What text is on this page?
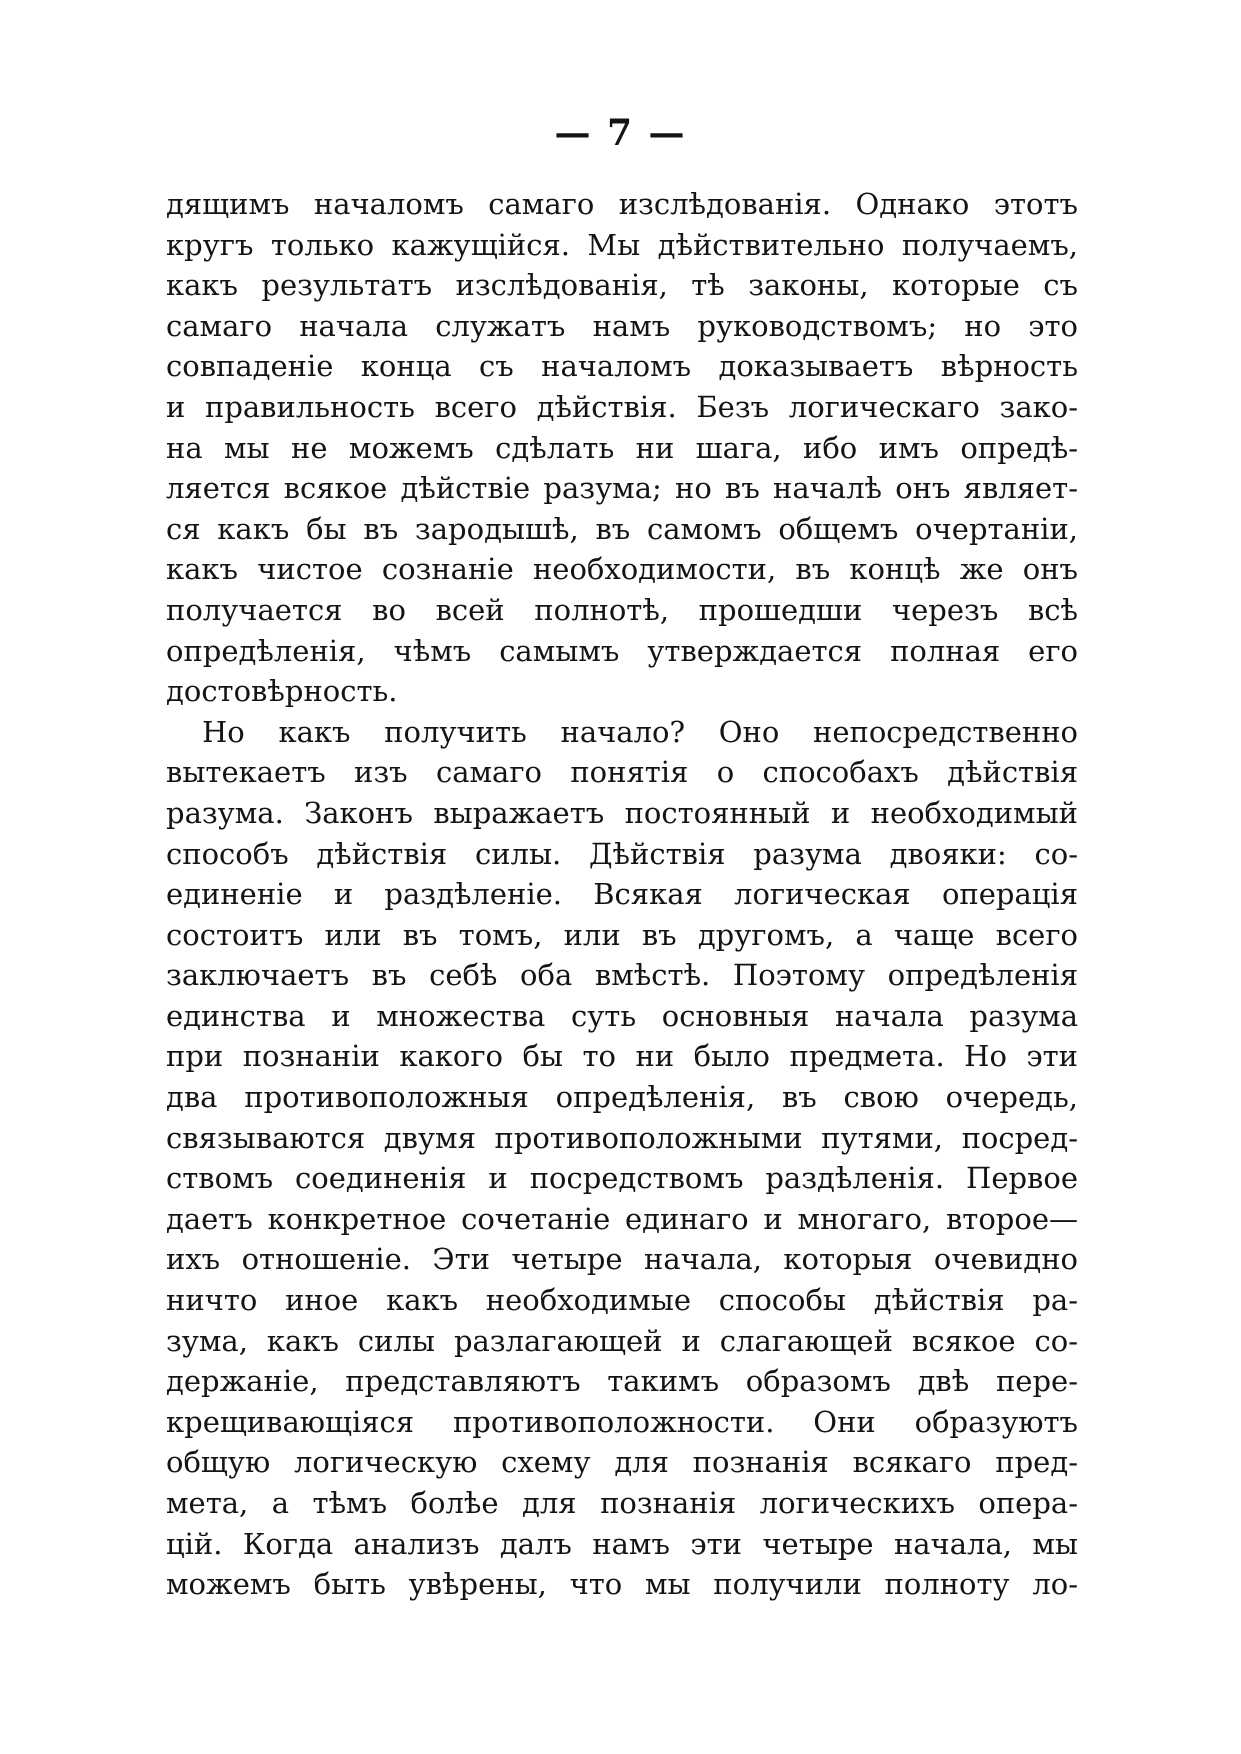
— 7 —
дящимъ началомъ самаго изслѣдованія. Однако этотъ
кругъ только кажущійся. Мы дѣйствительно получаемъ,
какъ результатъ изслѣдованія, тѣ законы, которые съ
самаго начала служатъ намъ руководствомъ; но это
совпаденіе конца съ началомъ доказываетъ вѣрность
и правильность всего дѣйствія. Безъ логическаго зако-
на мы не можемъ сдѣлать ни шага, ибо имъ опредѣ-
ляется всякое дѣйствіе разума; но въ началѣ онъ являет-
ся какъ бы въ зародышѣ, въ самомъ общемъ очертаніи,
какъ чистое сознаніе необходимости, въ концѣ же онъ
получается во всей полнотѣ, прошедши черезъ всѣ
опредѣленія, чѣмъ самымъ утверждается полная его
достовѣрность.
Но какъ получить начало? Оно непосредственно
вытекаетъ изъ самаго понятія о способахъ дѣйствія
разума. Законъ выражаетъ постоянный и необходимый
способъ дѣйствія силы. Дѣйствія разума двояки: со-
единеніе и раздѣленіе. Всякая логическая операція
состоитъ или въ томъ, или въ другомъ, а чаще всего
заключаетъ въ себѣ оба вмѣстѣ. Поэтому опредѣленія
единства и множества суть основныя начала разума
при познаніи какого бы то ни было предмета. Но эти
два противоположныя опредѣленія, въ свою очередь,
связываются двумя противоположными путями, посред-
ствомъ соединенія и посредствомъ раздѣленія. Первое
даетъ конкретное сочетаніе единаго и многаго, второе—
ихъ отношеніе. Эти четыре начала, которыя очевидно
ничто иное какъ необходимые способы дѣйствія ра-
зума, какъ силы разлагающей и слагающей всякое со-
держаніе, представляютъ такимъ образомъ двѣ пере-
крещивающіяся противоположности. Они образуютъ
общую логическую схему для познанія всякаго пред-
мета, а тѣмъ болѣе для познанія логическихъ опера-
цій. Когда анализъ далъ намъ эти четыре начала, мы
можемъ быть увѣрены, что мы получили полноту ло-
